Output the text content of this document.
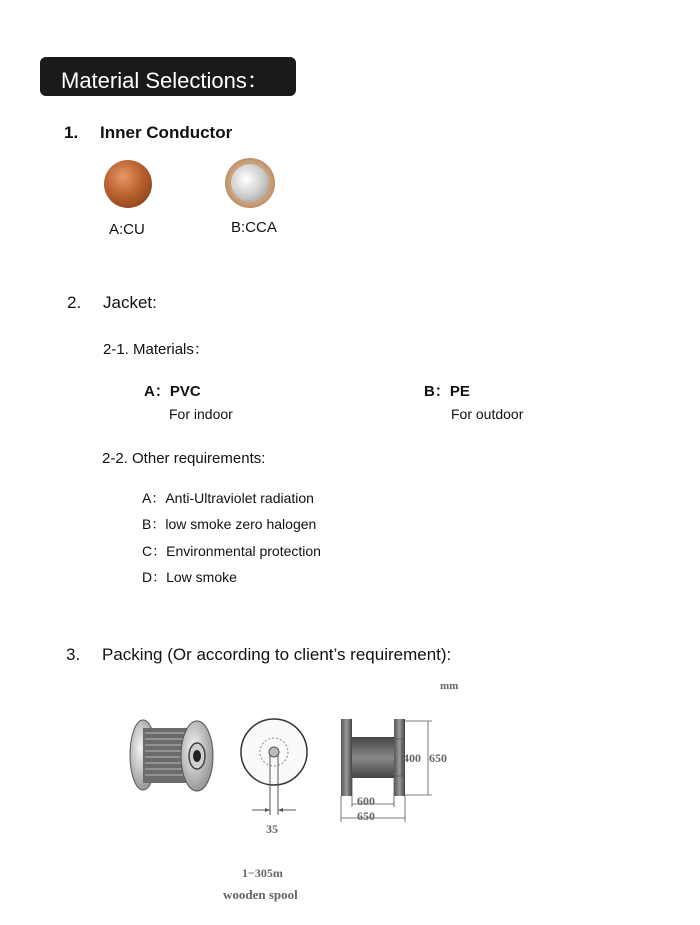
Material Selections：
1. Inner Conductor
A:CU	B:CCA
2. Jacket:
2-1. Materials：
A：PVC
For indoor
B：PE
For outdoor
2-2. Other requirements:
A：Anti-Ultraviolet radiation
B：low smoke zero halogen
C：Environmental protection
D：Low smoke
3. Packing (Or according to client’s requirement):
mm
35
400 650
600
650
1−305m
wooden spool
